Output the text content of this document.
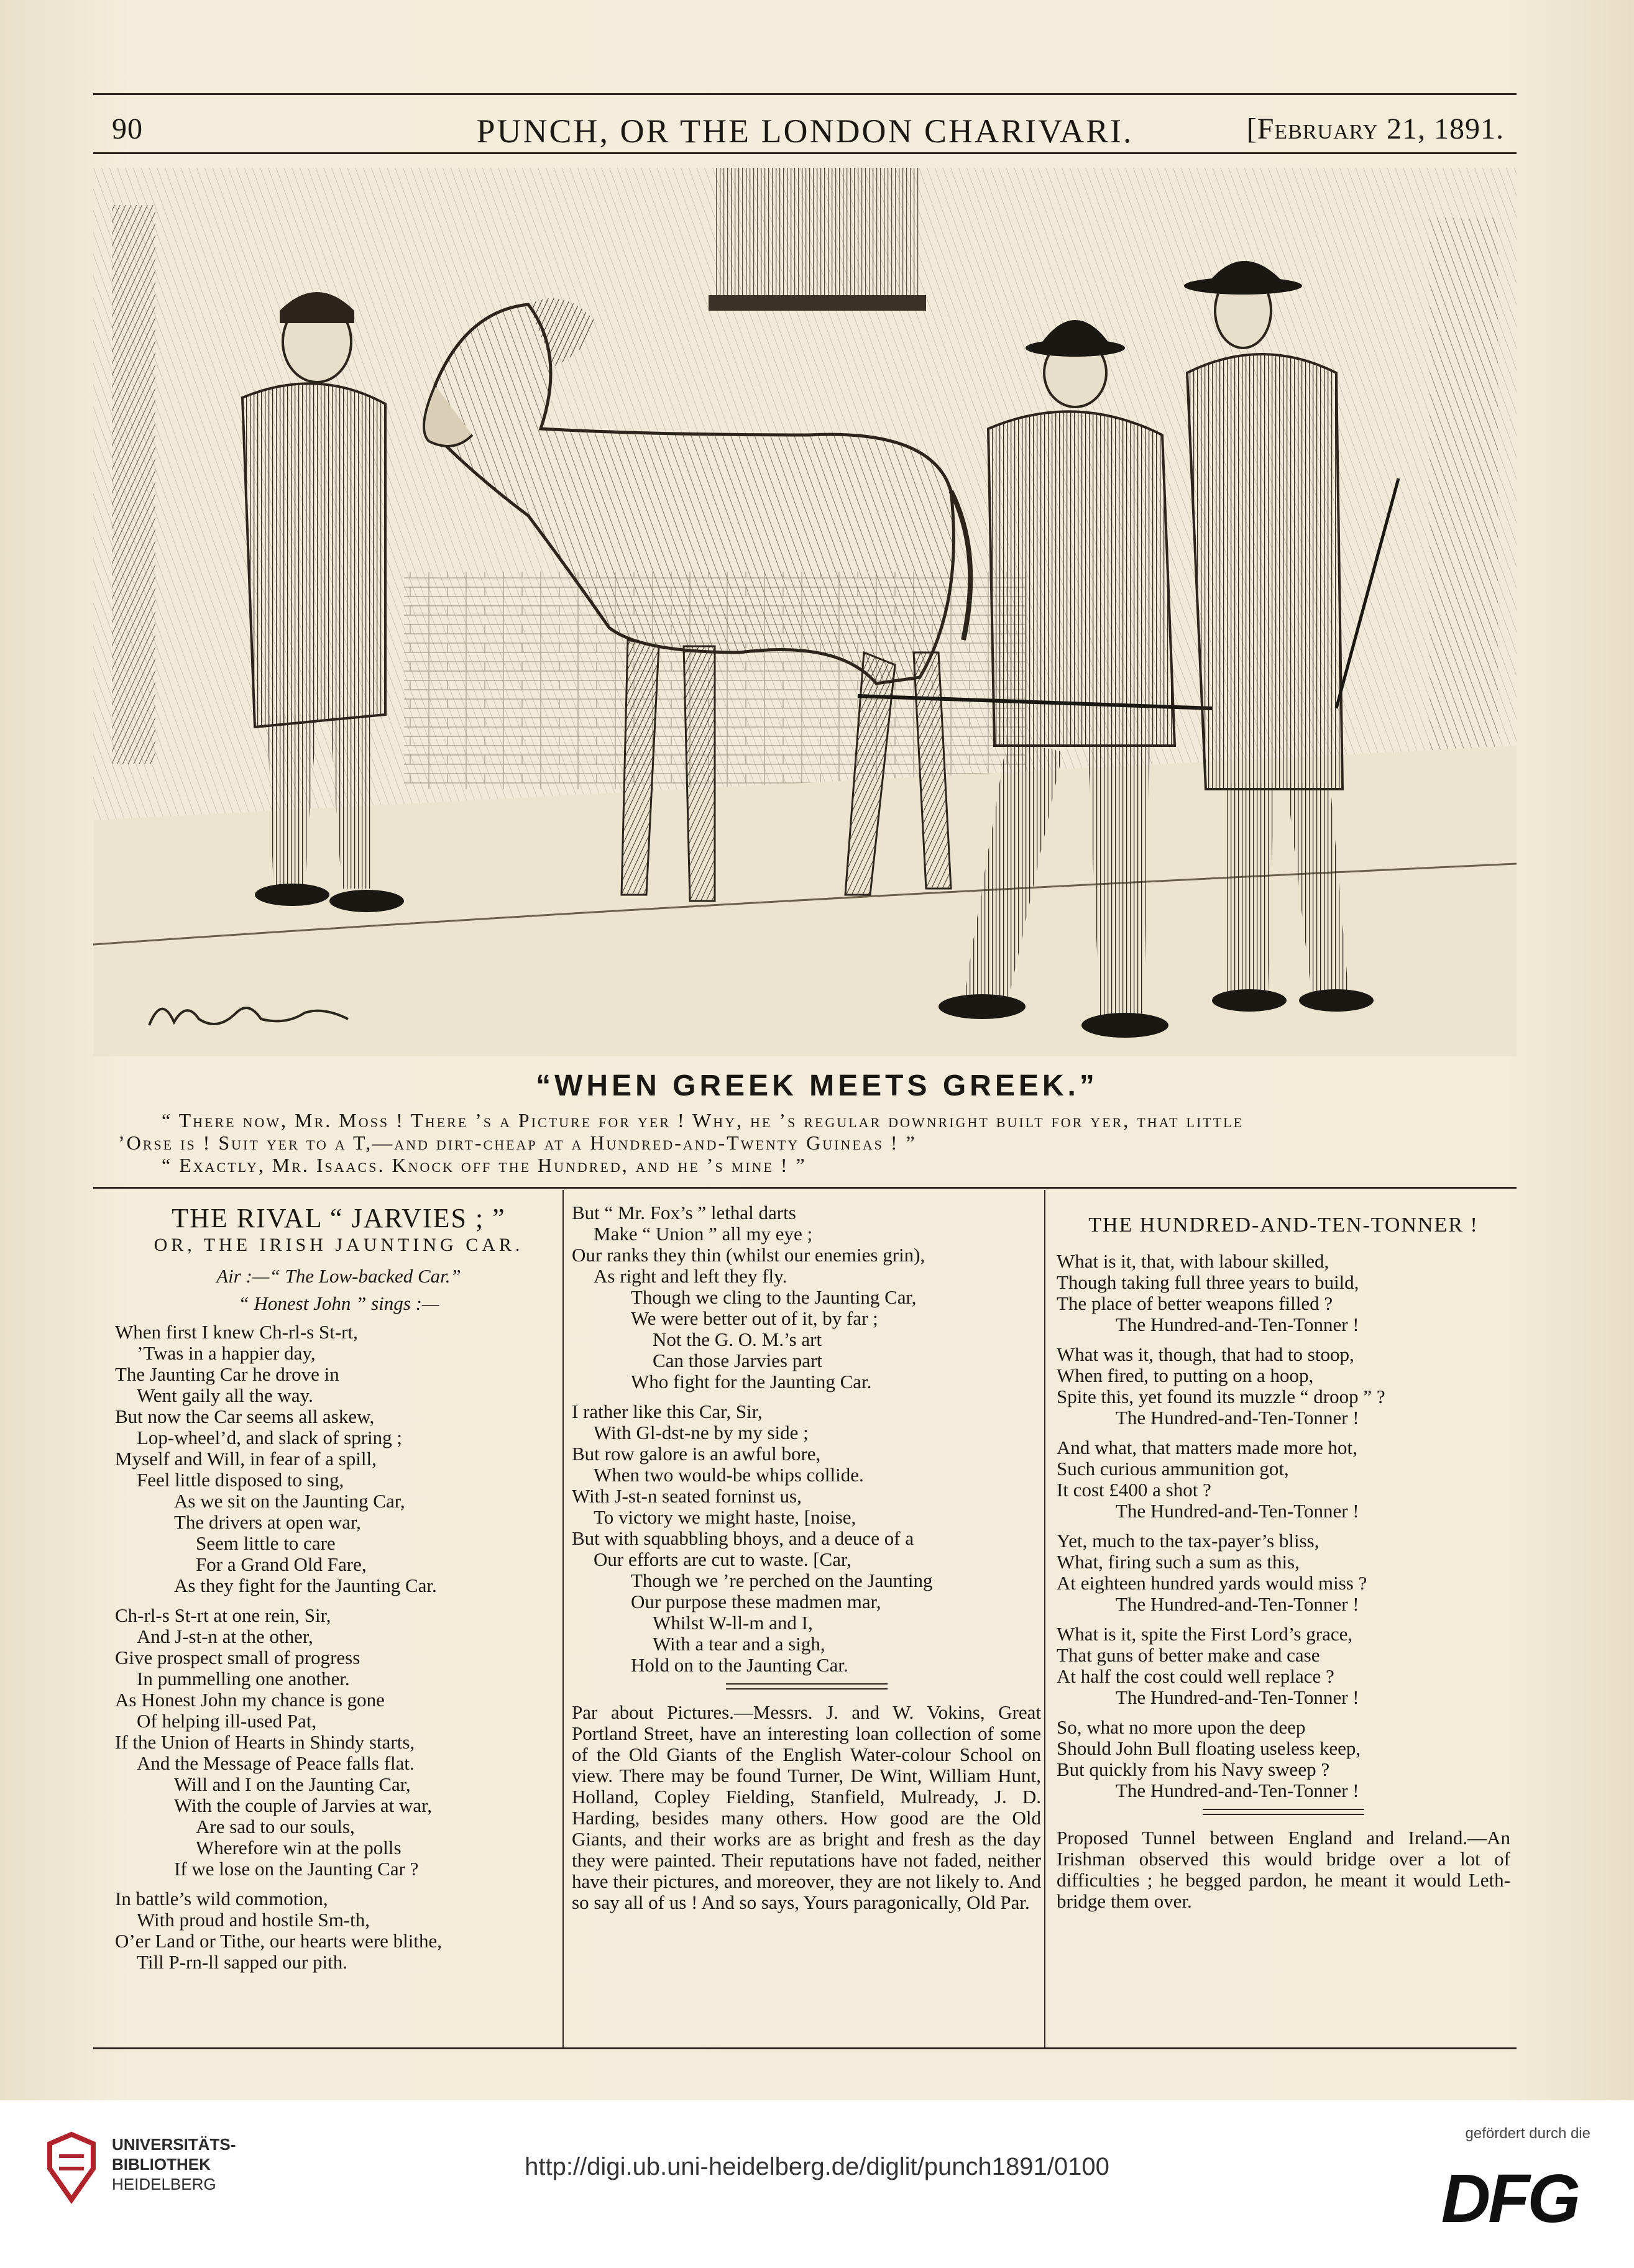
90	PUNCH, OR THE LONDON CHARIVARI.	[February 21, 1891.
“WHEN GREEK MEETS GREEK.”

“ There now, Mr. Moss ! There ’s a Picture for yer ! Why, he ’s regular downright built for yer, that little

’Orse is ! Suit yer to a T,—and dirt-cheap at a Hundred-and-Twenty Guineas ! ”

“ Exactly, Mr. Isaacs. Knock off the Hundred, and he ’s mine ! ”

THE RIVAL “ JARVIES ; ”
OR, THE IRISH JAUNTING CAR.

Air :—“ The Low-backed Car.”

“ Honest John ” sings :—

When first I knew Ch-rl-s St-rt,

’Twas in a happier day,

The Jaunting Car he drove in

Went gaily all the way.

But now the Car seems all askew,

Lop-wheel’d, and slack of spring ;

Myself and Will, in fear of a spill,

Feel little disposed to sing,

As we sit on the Jaunting Car,

The drivers at open war,

Seem little to care

For a Grand Old Fare,

As they fight for the Jaunting Car.

Ch-rl-s St-rt at one rein, Sir,

And J-st-n at the other,

Give prospect small of progress

In pummelling one another.

As Honest John my chance is gone

Of helping ill-used Pat,

If the Union of Hearts in Shindy starts,

And the Message of Peace falls flat.

Will and I on the Jaunting Car,

With the couple of Jarvies at war,

Are sad to our souls,

Wherefore win at the polls

If we lose on the Jaunting Car ?

In battle’s wild commotion,

With proud and hostile Sm-th,

O’er Land or Tithe, our hearts were blithe,

Till P-rn-ll sapped our pith.

But “ Mr. Fox’s ” lethal darts

Make “ Union ” all my eye ;

Our ranks they thin (whilst our enemies grin),

As right and left they fly.

Though we cling to the Jaunting Car,

We were better out of it, by far ;

Not the G. O. M.’s art

Can those Jarvies part

Who fight for the Jaunting Car.

I rather like this Car, Sir,

With Gl-dst-ne by my side ;

But row galore is an awful bore,

When two would-be whips collide.

With J-st-n seated forninst us,

To victory we might haste, [noise,

But with squabbling bhoys, and a deuce of a

Our efforts are cut to waste. [Car,

Though we ’re perched on the Jaunting

Our purpose these madmen mar,

Whilst W-ll-m and I,

With a tear and a sigh,

Hold on to the Jaunting Car.

Par about Pictures.—Messrs. J. and W. Vokins, Great Portland Street, have an interesting loan collection of some of the Old Giants of the English Water-colour School on view. There may be found Turner, De Wint, William Hunt, Holland, Copley Fielding, Stanfield, Mulready, J. D. Harding, besides many others. How good are the Old Giants, and their works are as bright and fresh as the day they were painted. Their reputations have not faded, neither have their pictures, and moreover, they are not likely to. And so say all of us ! And so says, Yours paragonically, Old Par.

THE HUNDRED-AND-TEN-TONNER !

What is it, that, with labour skilled,

Though taking full three years to build,

The place of better weapons filled ?

The Hundred-and-Ten-Tonner !

What was it, though, that had to stoop,

When fired, to putting on a hoop,

Spite this, yet found its muzzle “ droop ” ?

The Hundred-and-Ten-Tonner !

And what, that matters made more hot,

Such curious ammunition got,

It cost £400 a shot ?

The Hundred-and-Ten-Tonner !

Yet, much to the tax-payer’s bliss,

What, firing such a sum as this,

At eighteen hundred yards would miss ?

The Hundred-and-Ten-Tonner !

What is it, spite the First Lord’s grace,

That guns of better make and case

At half the cost could well replace ?

The Hundred-and-Ten-Tonner !

So, what no more upon the deep

Should John Bull floating useless keep,

But quickly from his Navy sweep ?

The Hundred-and-Ten-Tonner !

Proposed Tunnel between England and Ireland.—An Irishman observed this would bridge over a lot of difficulties ; he begged pardon, he meant it would Leth-bridge them over.

UNIVERSITÄTS-
BIBLIOTHEK
HEIDELBERG
http://digi.ub.uni-heidelberg.de/diglit/punch1891/0100
gefördert durch die
DFG
